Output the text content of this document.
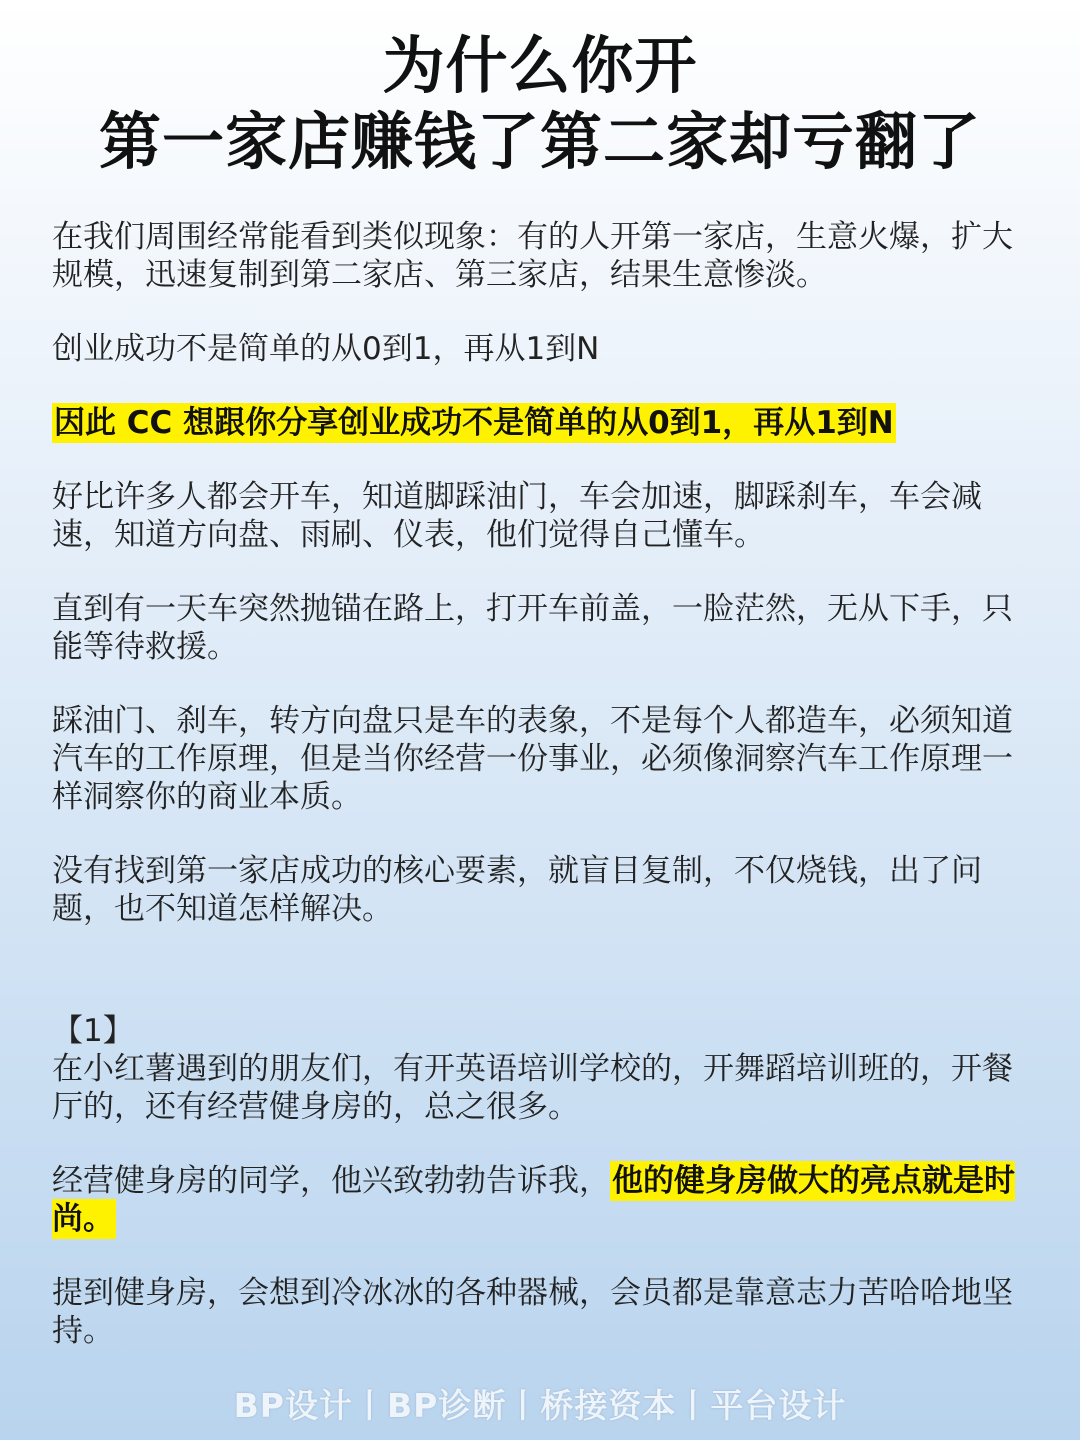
为什么你开
第一家店赚钱了第二家却亏翻了

在我们周围经常能看到类似现象：有的人开第一家店，生意火爆，扩大规模，迅速复制到第二家店、第三家店，结果生意惨淡。

创业成功不是简单的从0到1，再从1到N

因此 CC 想跟你分享创业成功不是简单的从0到1，再从1到N

好比许多人都会开车，知道脚踩油门，车会加速，脚踩刹车，车会减速，知道方向盘、雨刷、仪表，他们觉得自己懂车。

直到有一天车突然抛锚在路上，打开车前盖，一脸茫然，无从下手，只能等待救援。

踩油门、刹车，转方向盘只是车的表象，不是每个人都造车，必须知道汽车的工作原理，但是当你经营一份事业，必须像洞察汽车工作原理一样洞察你的商业本质。

没有找到第一家店成功的核心要素，就盲目复制，不仅烧钱，出了问题，也不知道怎样解决。

【1】
在小红薯遇到的朋友们，有开英语培训学校的，开舞蹈培训班的，开餐厅的，还有经营健身房的，总之很多。

经营健身房的同学，他兴致勃勃告诉我，他的健身房做大的亮点就是时尚。

提到健身房，会想到冷冰冰的各种器械，会员都是靠意志力苦哈哈地坚持。

BP设计丨BP诊断丨桥接资本丨平台设计
